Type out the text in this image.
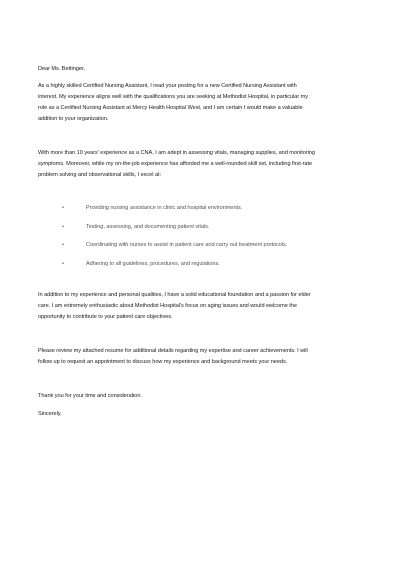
Dear Ms. Bettinger,
As a highly skilled Certified Nursing Assistant, I read your posting for a new Certified Nursing Assistant with
interest. My experience aligns well with the qualifications you are seeking at Methodist Hospital, in particular my
role as a Certified Nursing Assistant at Mercy Health Hospital West, and I am certain I would make a valuable
addition to your organization.
With more than 10 years' experience as a CNA, I am adept in assessing vitals, managing supplies, and monitoring
symptoms. Moreover, while my on-the-job experience has afforded me a well-rounded skill set, including first-rate
problem solving and observational skills, I excel at:
•	Providing nursing assistance in clinic and hospital environments.
•	Testing, assessing, and documenting patient vitals.
•	Coordinating with nurses to assist in patient care and carry out treatment protocols.
•	Adhering to all guidelines, procedures, and regulations.
In addition to my experience and personal qualities, I have a solid educational foundation and a passion for elder
care. I am extremely enthusiastic about Methodist Hospital's focus on aging issues and would welcome the
opportunity to contribute to your patient care objectives.
Please review my attached resume for additional details regarding my expertise and career achievements. I will
follow up to request an appointment to discuss how my experience and background meets your needs.
Thank you for your time and consideration.
Sincerely,
